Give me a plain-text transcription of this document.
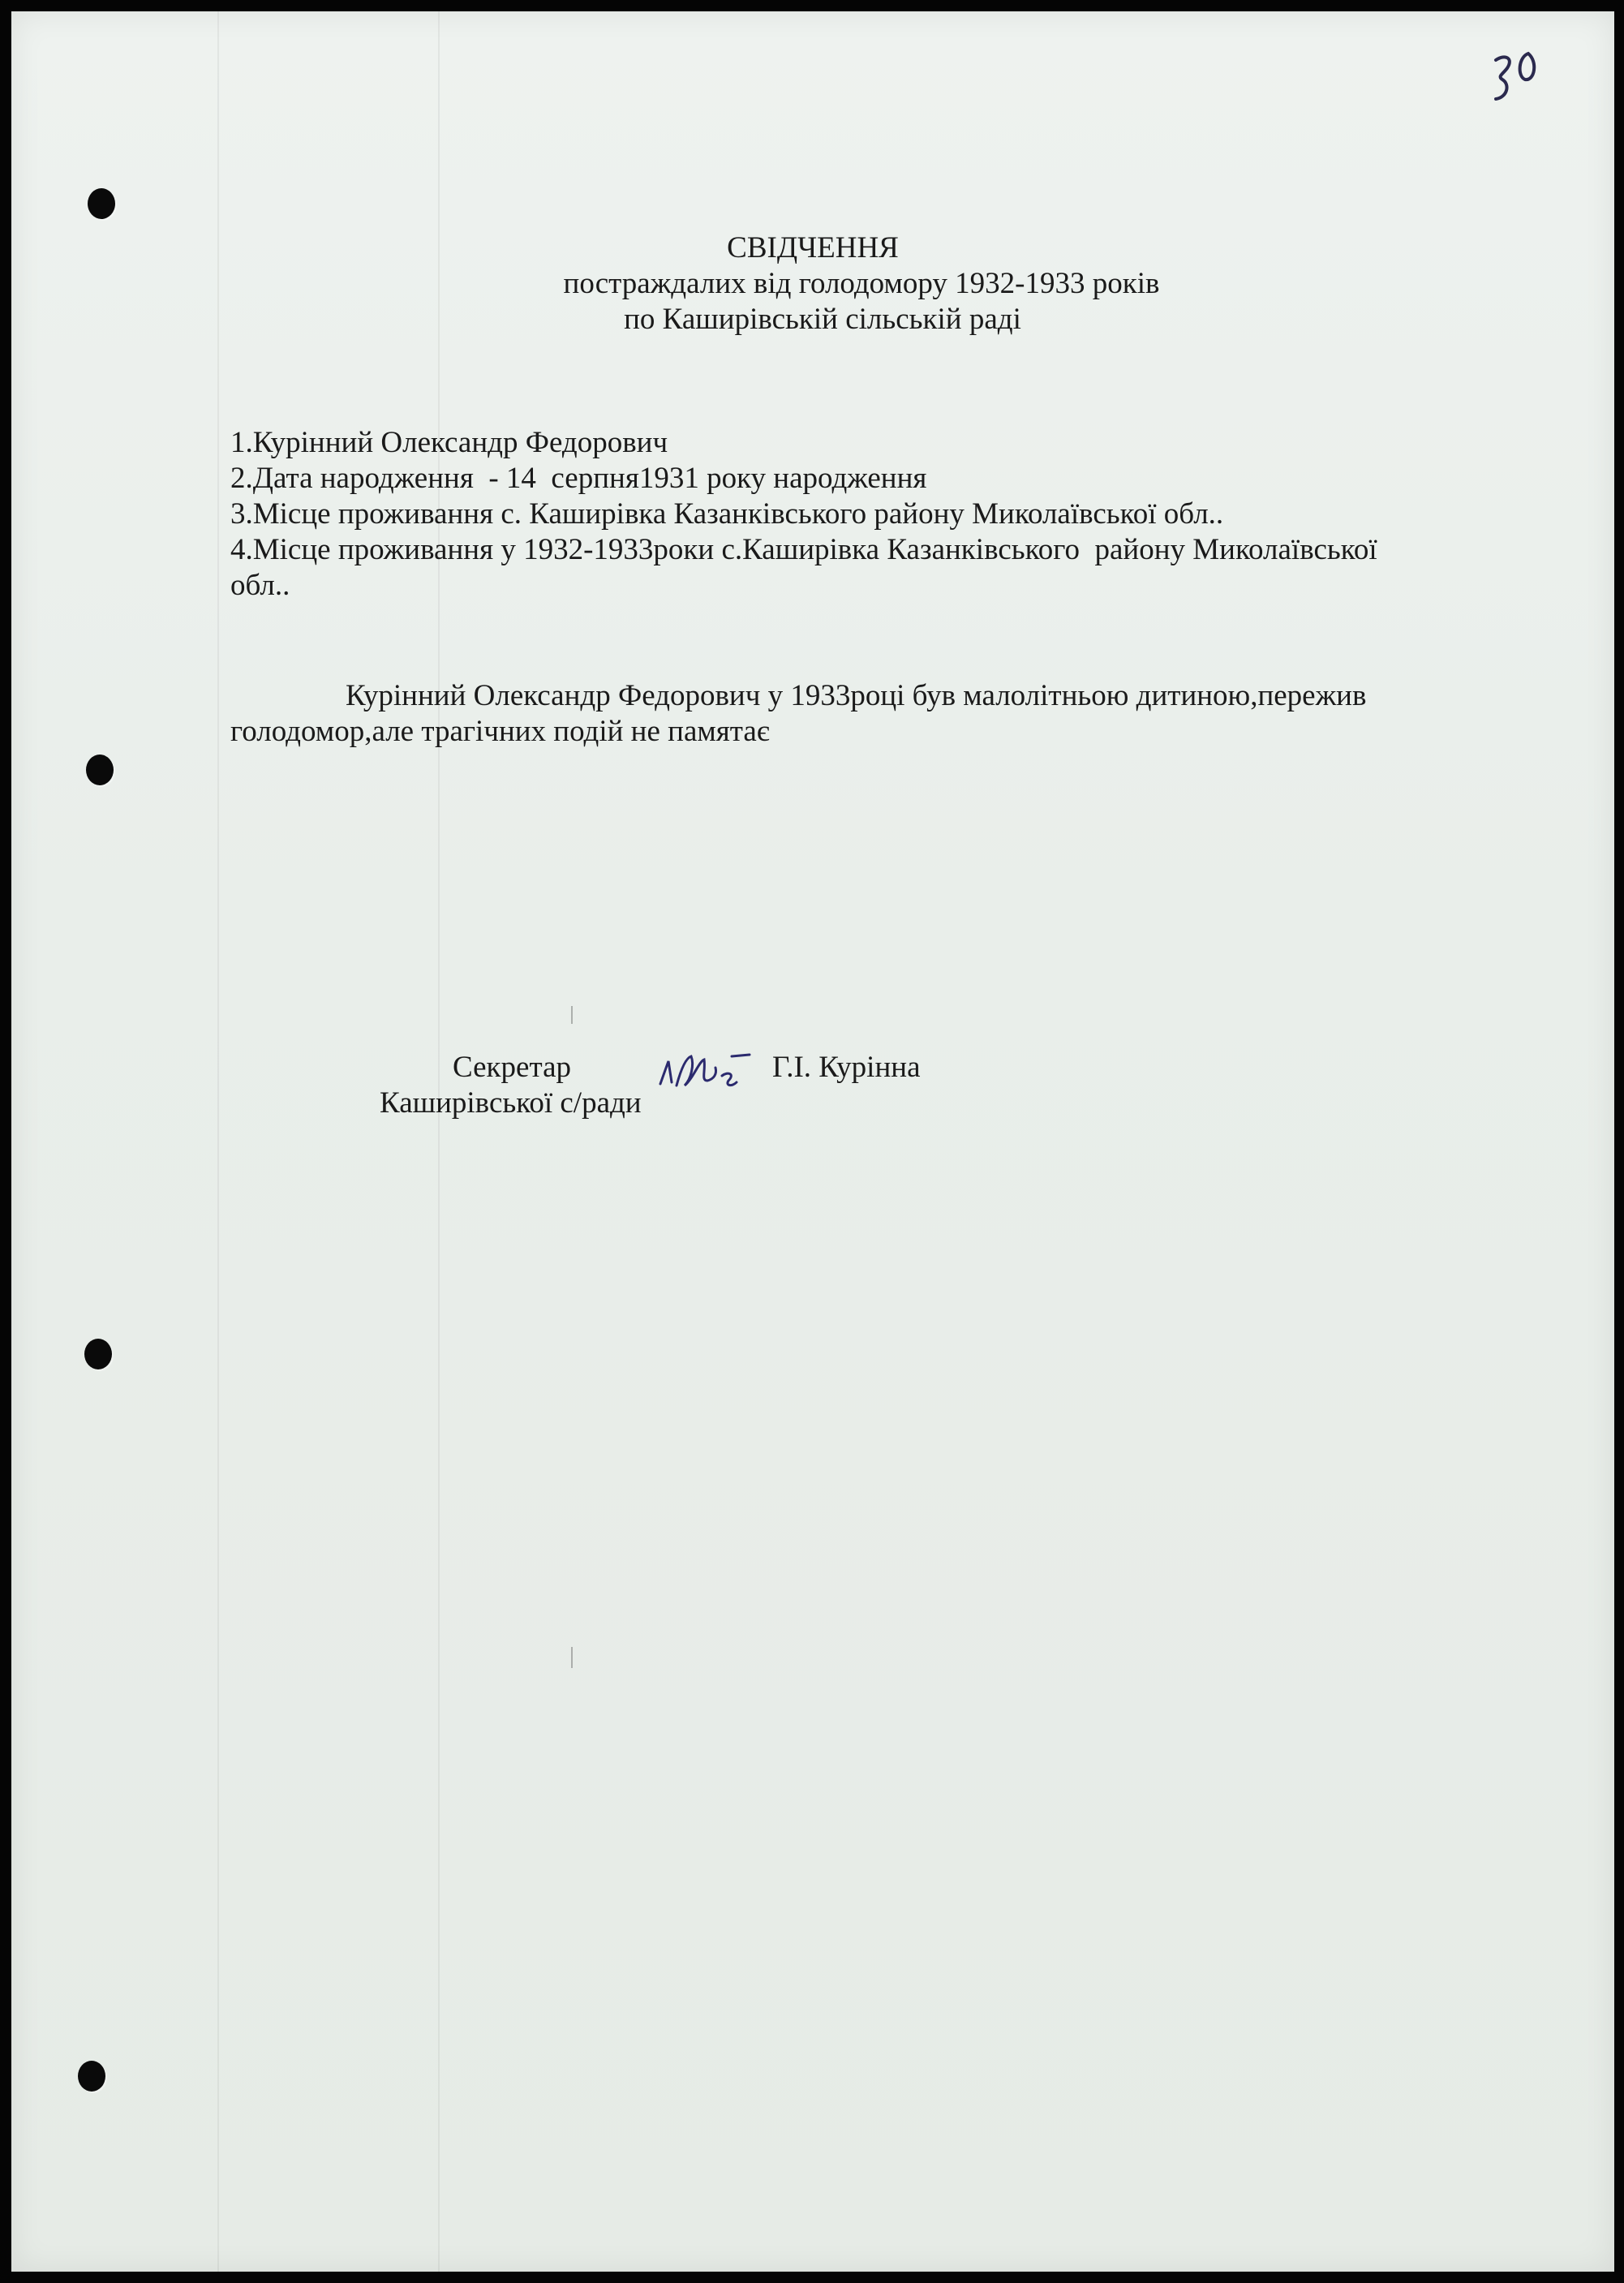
СВІДЧЕННЯ
постраждалих від голодомору 1932-1933 років
по Каширівській сільській раді
1.Курінний Олександр Федорович
2.Дата народження  - 14  серпня1931 року народження
3.Місце проживання с. Каширівка Казанківського району Миколаївської обл..
4.Місце проживання у 1932-1933роки с.Каширівка Казанківського  району Миколаївської
обл..
Курінний Олександр Федорович у 1933році був малолітньою дитиною,пережив голодомор,але трагічних подій не памятає
Секретар
Каширівської с/ради
Г.І. Курінна
